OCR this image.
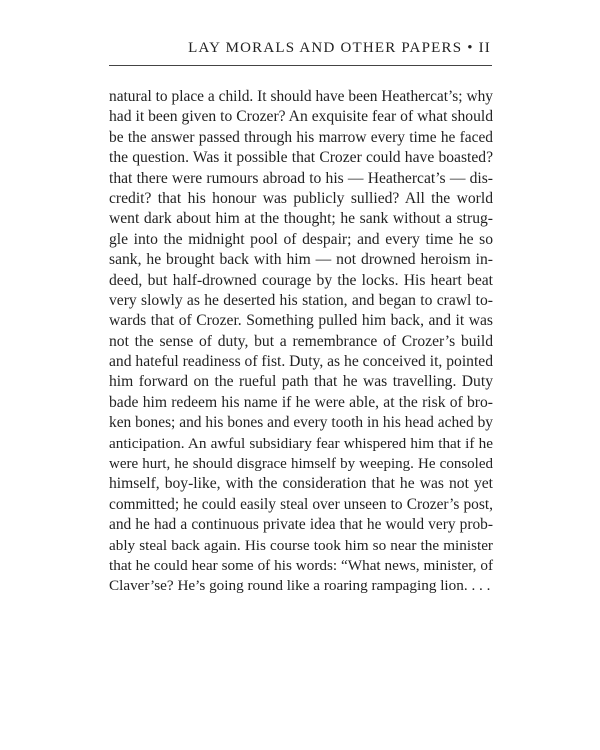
LAY MORALS AND OTHER PAPERS • II
natural to place a child. It should have been Heathercat’s; why
had it been given to Crozer? An exquisite fear of what should
be the answer passed through his marrow every time he faced
the question. Was it possible that Crozer could have boasted?
that there were rumours abroad to his — Heathercat’s — dis-
credit? that his honour was publicly sullied? All the world
went dark about him at the thought; he sank without a strug-
gle into the midnight pool of despair; and every time he so
sank, he brought back with him — not drowned heroism in-
deed, but half-drowned courage by the locks. His heart beat
very slowly as he deserted his station, and began to crawl to-
wards that of Crozer. Something pulled him back, and it was
not the sense of duty, but a remembrance of Crozer’s build
and hateful readiness of fist. Duty, as he conceived it, pointed
him forward on the rueful path that he was travelling. Duty
bade him redeem his name if he were able, at the risk of bro-
ken bones; and his bones and every tooth in his head ached by
anticipation. An awful subsidiary fear whispered him that if he
were hurt, he should disgrace himself by weeping. He consoled
himself, boy-like, with the consideration that he was not yet
committed; he could easily steal over unseen to Crozer’s post,
and he had a continuous private idea that he would very prob-
ably steal back again. His course took him so near the minister
that he could hear some of his words: “What news, minister, of
Claver’se? He’s going round like a roaring rampaging lion. . . .
